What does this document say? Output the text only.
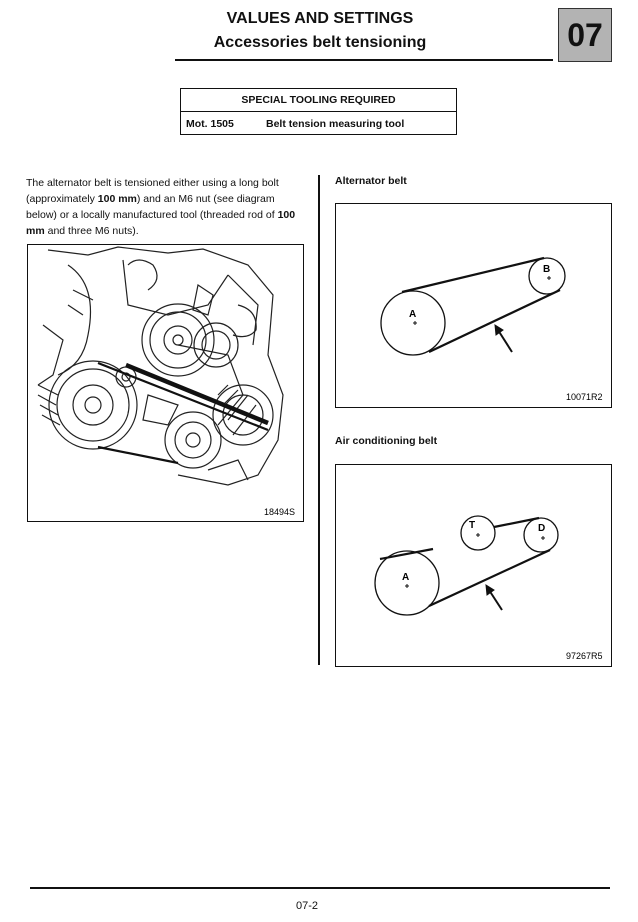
VALUES AND SETTINGS
Accessories belt tensioning	07
SPECIAL TOOLING REQUIRED
Mot. 1505	Belt tension measuring tool
The alternator belt is tensioned either using a long bolt (approximately 100 mm) and an M6 nut (see diagram below) or a locally manufactured tool (threaded rod of 100 mm and three M6 nuts).
18494S
Alternator belt
A
B
10071R2
Air conditioning belt
A
T	D
97267R5
07-2
